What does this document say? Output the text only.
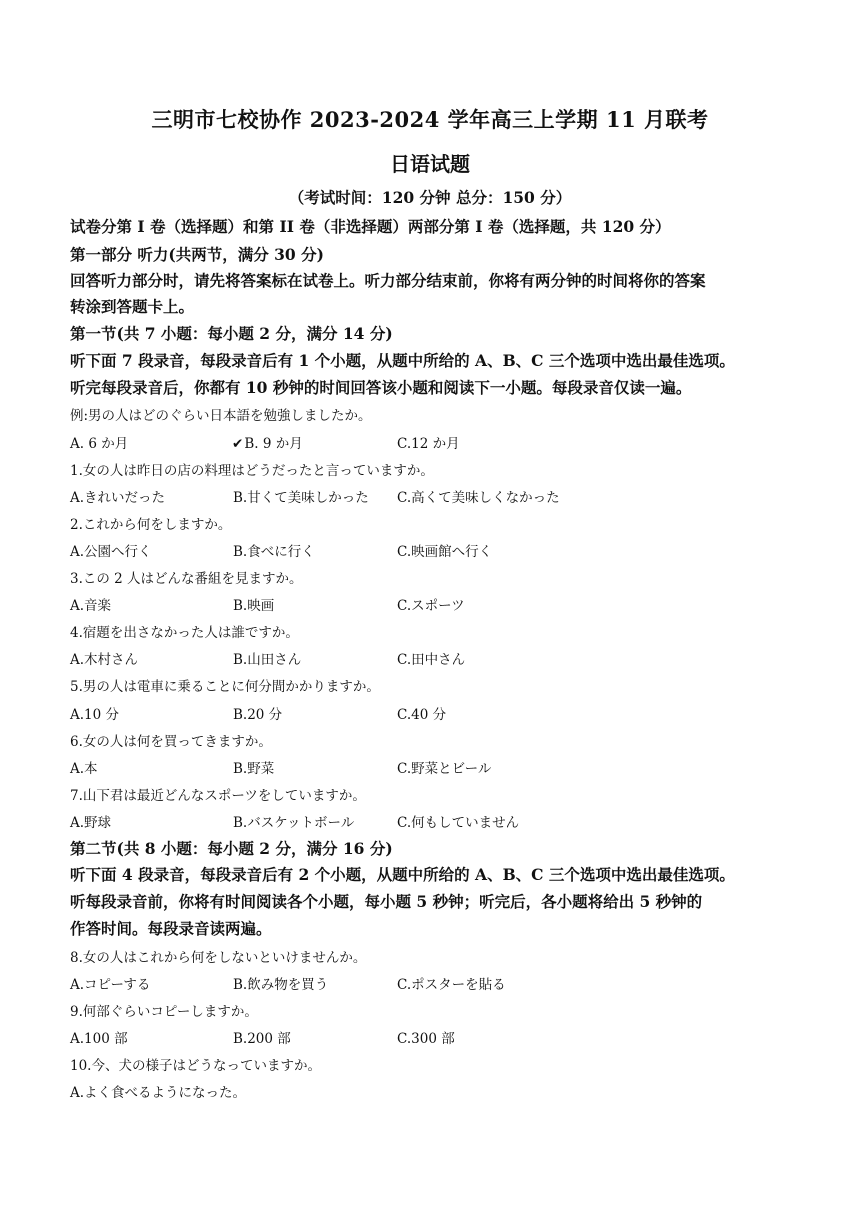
三明市七校协作 2023-2024 学年高三上学期 11 月联考
日语试题
（考试时间：120 分钟 总分：150 分）
试卷分第 I 卷（选择题）和第 II 卷（非选择题）两部分第 I 卷（选择题，共 120 分）
第一部分 听力(共两节，满分 30 分)
回答听力部分时，请先将答案标在试卷上。听力部分结束前，你将有两分钟的时间将你的答案
转涂到答题卡上。
第一节(共 7 小题：每小题 2 分，满分 14 分)
听下面 7 段录音，每段录音后有 1 个小题，从题中所给的 A、B、C 三个选项中选出最佳选项。
听完每段录音后，你都有 10 秒钟的时间回答该小题和阅读下一小题。每段录音仅读一遍。
例:男の人はどのぐらい日本語を勉強しましたか。
A. 6 か月	✔B. 9 か月	C.12 か月
1.女の人は昨日の店の料理はどうだったと言っていますか。
A.きれいだった	B.甘くて美味しかった C.高くて美味しくなかった
2.これから何をしますか。
A.公園へ行く	B.食べに行く	C.映画館へ行く
3.この 2 人はどんな番組を見ますか。
A.音楽	B.映画	C.スポーツ
4.宿題を出さなかった人は誰ですか。
A.木村さん	B.山田さん	C.田中さん
5.男の人は電車に乗ることに何分間かかりますか。
A.10 分	B.20 分	C.40 分
6.女の人は何を買ってきますか。
A.本	B.野菜	C.野菜とビール
7.山下君は最近どんなスポーツをしていますか。
A.野球	B.バスケットボール	C.何もしていません
第二节(共 8 小题：每小题 2 分，满分 16 分)
听下面 4 段录音，每段录音后有 2 个小题，从题中所给的 A、B、C 三个选项中选出最佳选项。
听每段录音前，你将有时间阅读各个小题，每小题 5 秒钟；听完后，各小题将给出 5 秒钟的
作答时间。每段录音读两遍。
8.女の人はこれから何をしないといけませんか。
A.コピーする	B.飲み物を買う	C.ポスターを貼る
9.何部ぐらいコピーしますか。
A.100 部	B.200 部	C.300 部
10.今、犬の様子はどうなっていますか。
A.よく食べるようになった。
